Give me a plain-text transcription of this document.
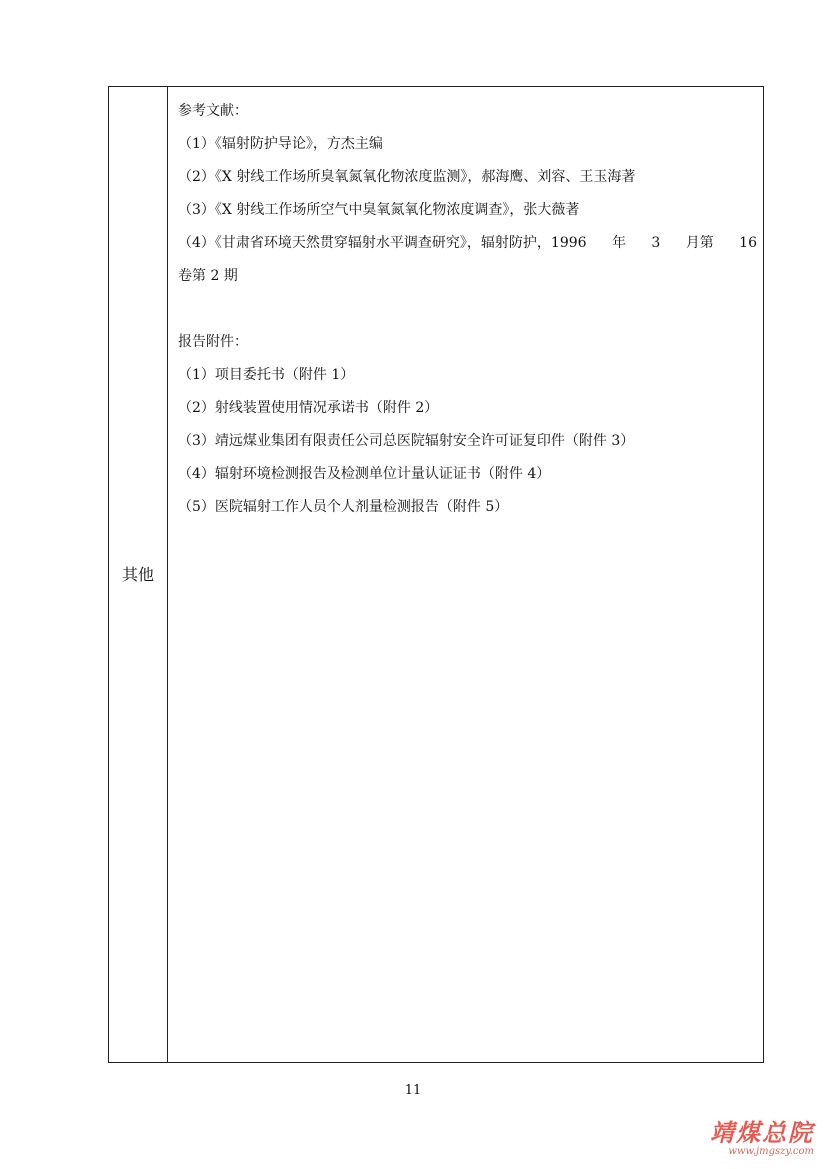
其他
参考文献：
（1）《辐射防护导论》，方杰主编
（2）《X 射线工作场所臭氧氮氧化物浓度监测》，郝海鹰、刘容、王玉海著
（3）《X 射线工作场所空气中臭氧氮氧化物浓度调查》，张大薇著
（4）《甘肃省环境天然贯穿辐射水平调查研究》，辐射防护，1996 年 3 月第 16
卷第 2 期
报告附件：
（1）项目委托书（附件 1）
（2）射线装置使用情况承诺书（附件 2）
（3）靖远煤业集团有限责任公司总医院辐射安全许可证复印件（附件 3）
（4）辐射环境检测报告及检测单位计量认证证书（附件 4）
（5）医院辐射工作人员个人剂量检测报告（附件 5）
11
靖煤总院
www.jmgszy.com
